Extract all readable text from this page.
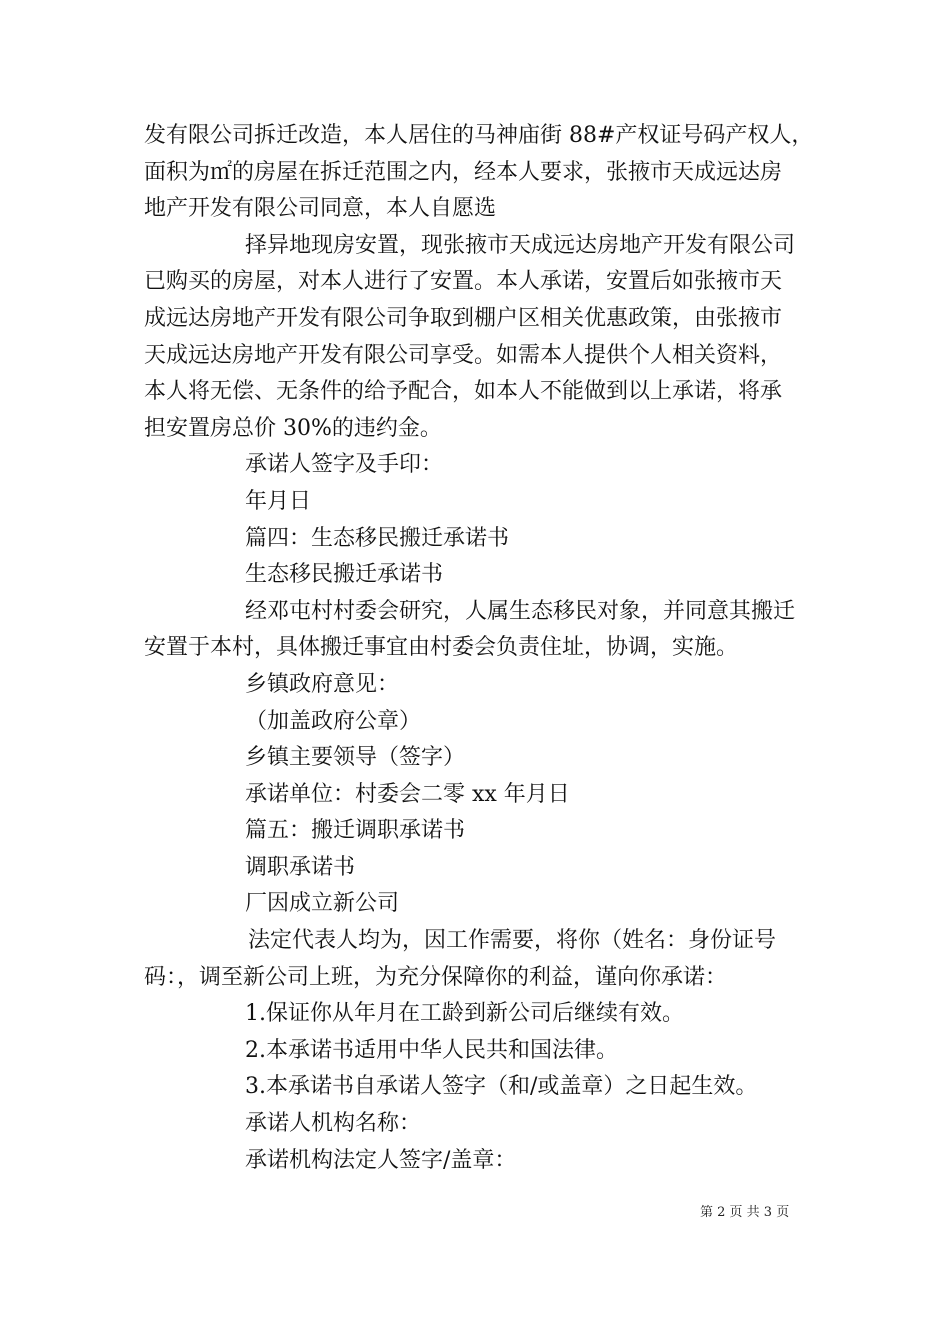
发有限公司拆迁改造，本人居住的马神庙街 88#产权证号码产权人，

面积为㎡的房屋在拆迁范围之内，经本人要求，张掖市天成远达房

地产开发有限公司同意，本人自愿选

择异地现房安置，现张掖市天成远达房地产开发有限公司

已购买的房屋，对本人进行了安置。本人承诺，安置后如张掖市天

成远达房地产开发有限公司争取到棚户区相关优惠政策，由张掖市

天成远达房地产开发有限公司享受。如需本人提供个人相关资料，

本人将无偿、无条件的给予配合，如本人不能做到以上承诺，将承

担安置房总价 30%的违约金。

承诺人签字及手印：

年月日

篇四：生态移民搬迁承诺书

生态移民搬迁承诺书

经邓屯村村委会研究，人属生态移民对象，并同意其搬迁

安置于本村，具体搬迁事宜由村委会负责住址，协调，实施。

乡镇政府意见：

（加盖政府公章）

乡镇主要领导（签字）

承诺单位：村委会二零 xx 年月日

篇五：搬迁调职承诺书

调职承诺书

厂因成立新公司

法定代表人均为，因工作需要，将你（姓名：身份证号

码：，调至新公司上班，为充分保障你的利益，谨向你承诺：

1.保证你从年月在工龄到新公司后继续有效。

2.本承诺书适用中华人民共和国法律。

3.本承诺书自承诺人签字（和/或盖章）之日起生效。

承诺人机构名称：

承诺机构法定人签字/盖章：

第 2 页 共 3 页
